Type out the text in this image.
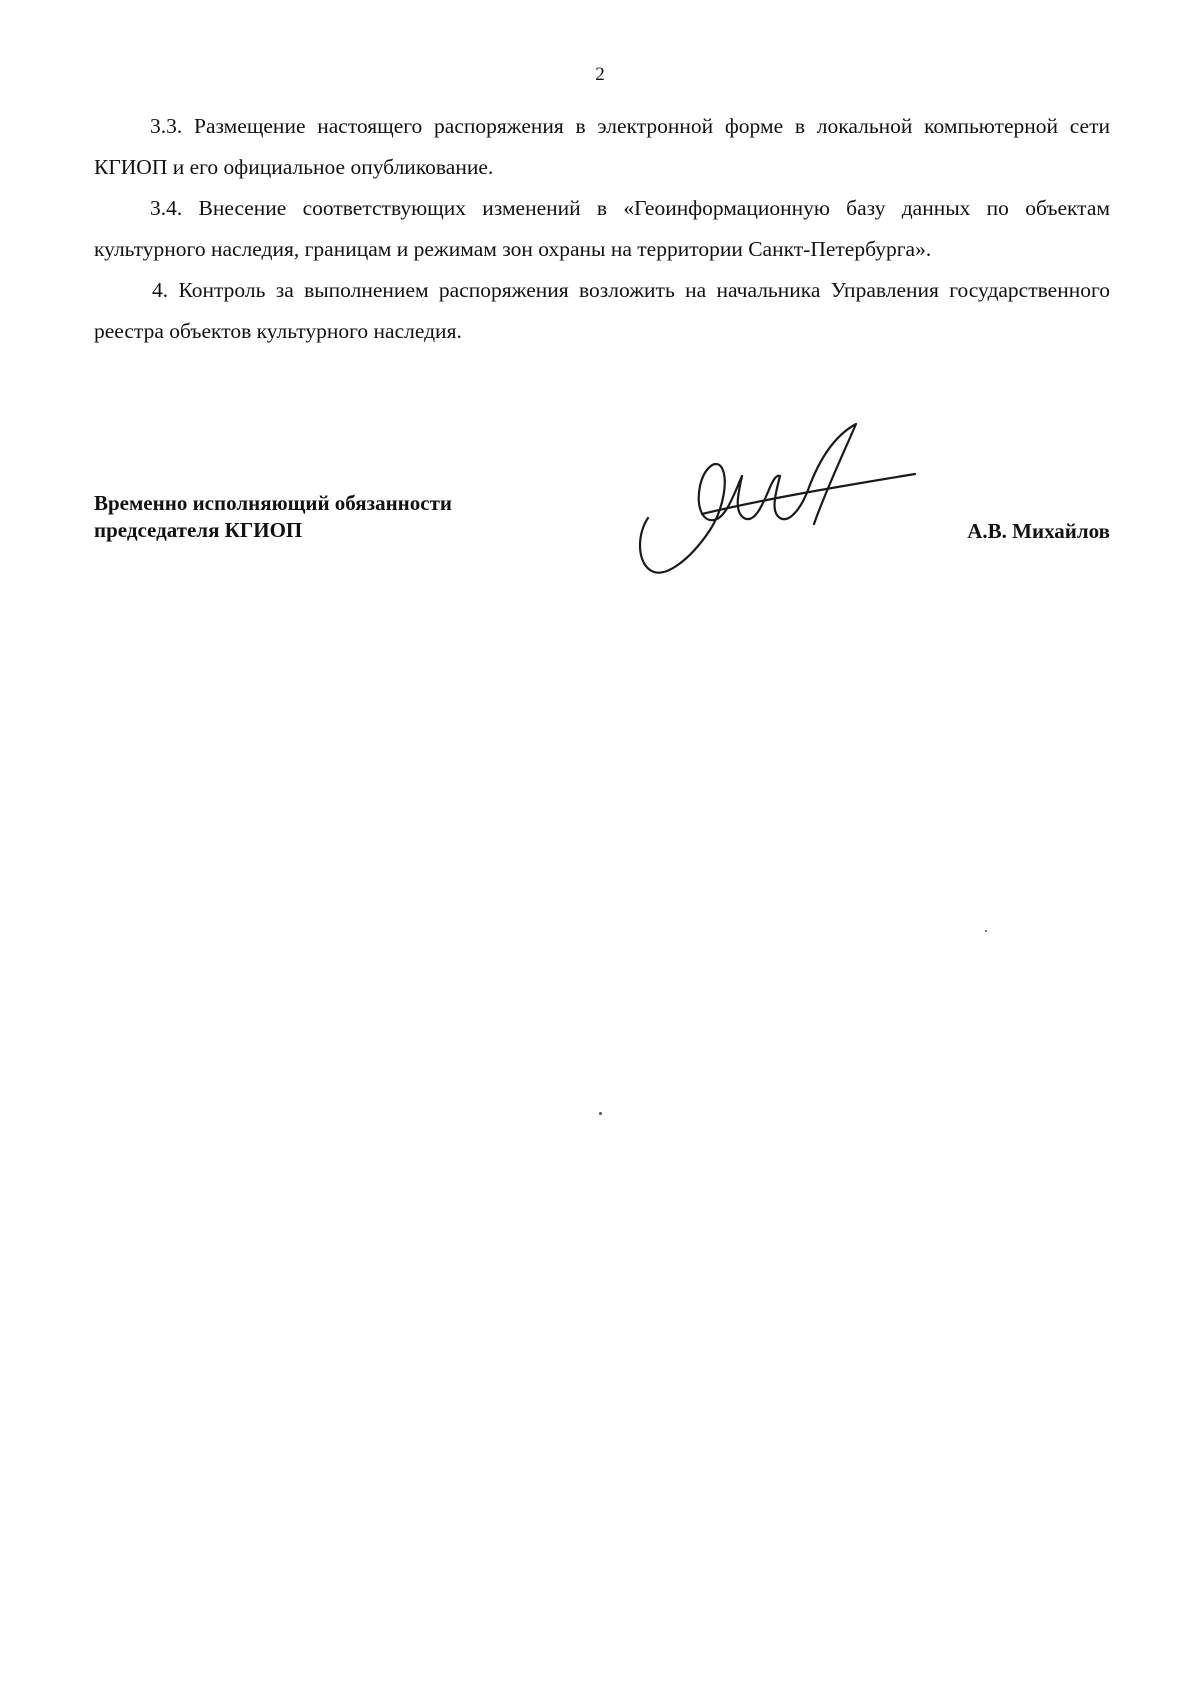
2

3.3. Размещение настоящего распоряжения в электронной форме в локальной компьютерной сети КГИОП и его официальное опубликование.

3.4. Внесение соответствующих изменений в «Геоинформационную базу данных по объектам культурного наследия, границам и режимам зон охраны на территории Санкт-Петербурга».

4. Контроль за выполнением распоряжения возложить на начальника Управления государственного реестра объектов культурного наследия.

Временно исполняющий обязанности
председателя КГИОП	А.В. Михайлов
